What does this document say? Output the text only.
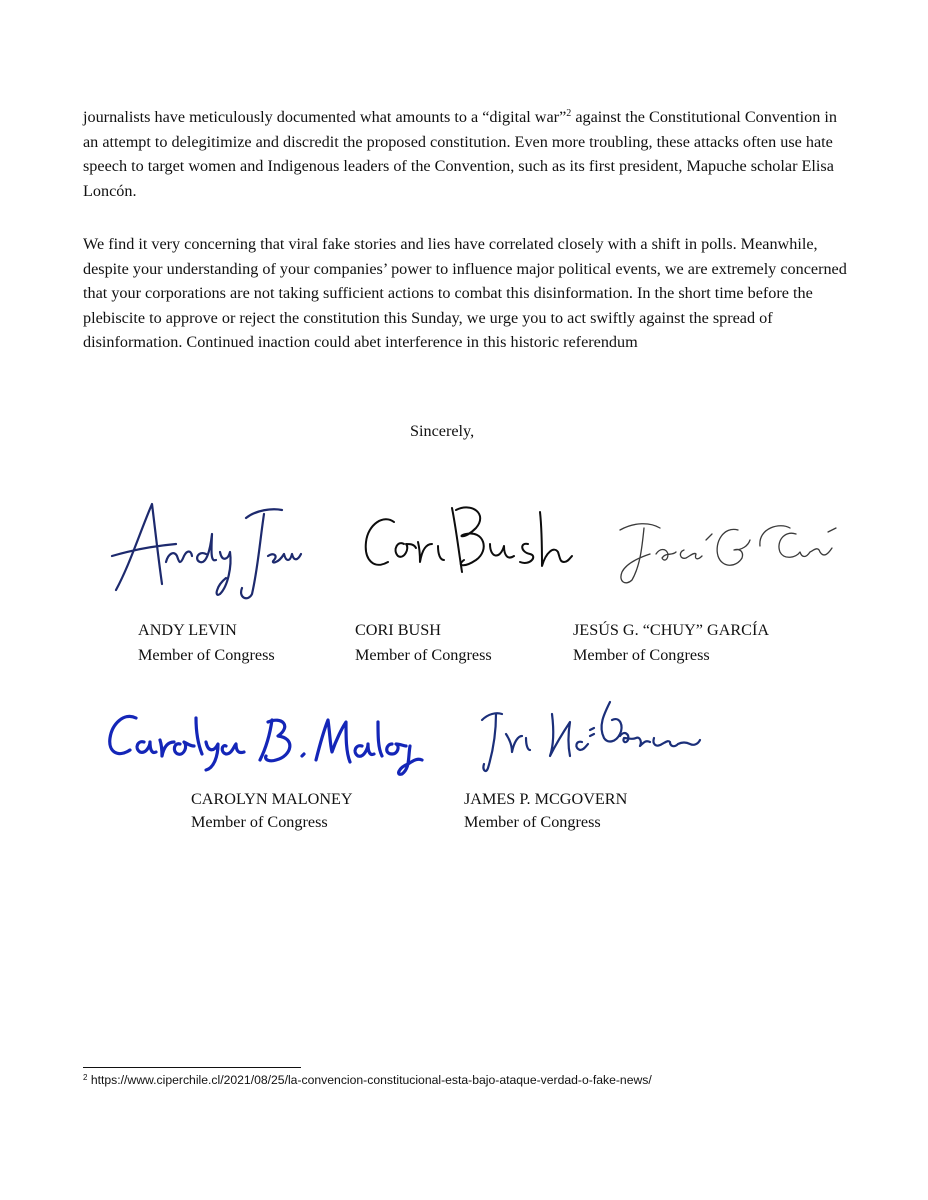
journalists have meticulously documented what amounts to a “digital war”$^2$ against the Constitutional Convention in an attempt to delegitimize and discredit the proposed constitution. Even more troubling, these attacks often use hate speech to target women and Indigenous leaders of the Convention, such as its first president, Mapuche scholar Elisa Loncón.

We find it very concerning that viral fake stories and lies have correlated closely with a shift in polls. Meanwhile, despite your understanding of your companies’ power to influence major political events, we are extremely concerned that your corporations are not taking sufficient actions to combat this disinformation. In the short time before the plebiscite to approve or reject the constitution this Sunday, we urge you to act swiftly against the spread of disinformation. Continued inaction could abet interference in this historic referendum

Sincerely,
ANDY LEVIN
Member of Congress
CORI BUSH
Member of Congress
JESÚS G. “CHUY” GARCÍA
Member of Congress
CAROLYN MALONEY
Member of Congress
JAMES P. MCGOVERN
Member of Congress
$^2$ https://www.ciperchile.cl/2021/08/25/la-convencion-constitucional-esta-bajo-ataque-verdad-o-fake-news/
